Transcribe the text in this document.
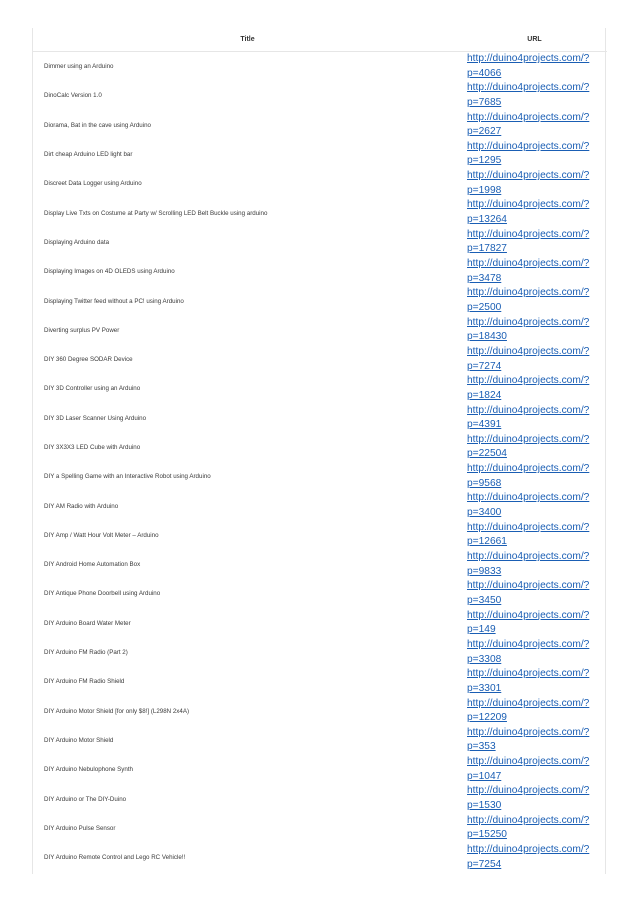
Title	URL
Dimmer using an Arduino	http://duino4projects.com/?
p=4066

DinoCalc Version 1.0	http://duino4projects.com/?
p=7685

Diorama, Bat in the cave using Arduino	http://duino4projects.com/?
p=2627

Dirt cheap Arduino LED light bar	http://duino4projects.com/?
p=1295

Discreet Data Logger using Arduino	http://duino4projects.com/?
p=1998

Display Live Txts on Costume at Party w/ Scrolling LED Belt Buckle using arduino	http://duino4projects.com/?
p=13264

Displaying Arduino data	http://duino4projects.com/?
p=17827

Displaying Images on 4D OLEDS using Arduino	http://duino4projects.com/?
p=3478

Displaying Twitter feed without a PC! using Arduino	http://duino4projects.com/?
p=2500

Diverting surplus PV Power	http://duino4projects.com/?
p=18430

DIY 360 Degree SODAR Device	http://duino4projects.com/?
p=7274

DIY 3D Controller using an Arduino	http://duino4projects.com/?
p=1824

DIY 3D Laser Scanner Using Arduino	http://duino4projects.com/?
p=4391

DIY 3X3X3 LED Cube with Arduino	http://duino4projects.com/?
p=22504

DIY a Spelling Game with an Interactive Robot using Arduino	http://duino4projects.com/?
p=9568

DIY AM Radio with Arduino	http://duino4projects.com/?
p=3400

DIY Amp / Watt Hour Volt Meter – Arduino	http://duino4projects.com/?
p=12661

DIY Android Home Automation Box	http://duino4projects.com/?
p=9833

DIY Antique Phone Doorbell using Arduino	http://duino4projects.com/?
p=3450

DIY Arduino Board Water Meter	http://duino4projects.com/?
p=149

DIY Arduino FM Radio (Part 2)	http://duino4projects.com/?
p=3308

DIY Arduino FM Radio Shield	http://duino4projects.com/?
p=3301

DIY Arduino Motor Shield [for only $8!] (L298N 2x4A)	http://duino4projects.com/?
p=12209

DIY Arduino Motor Shield	http://duino4projects.com/?
p=353

DIY Arduino Nebulophone Synth	http://duino4projects.com/?
p=1047

DIY Arduino or The DIY-Duino	http://duino4projects.com/?
p=1530

DIY Arduino Pulse Sensor	http://duino4projects.com/?
p=15250

DIY Arduino Remote Control and Lego RC Vehicle!!	http://duino4projects.com/?
p=7254
